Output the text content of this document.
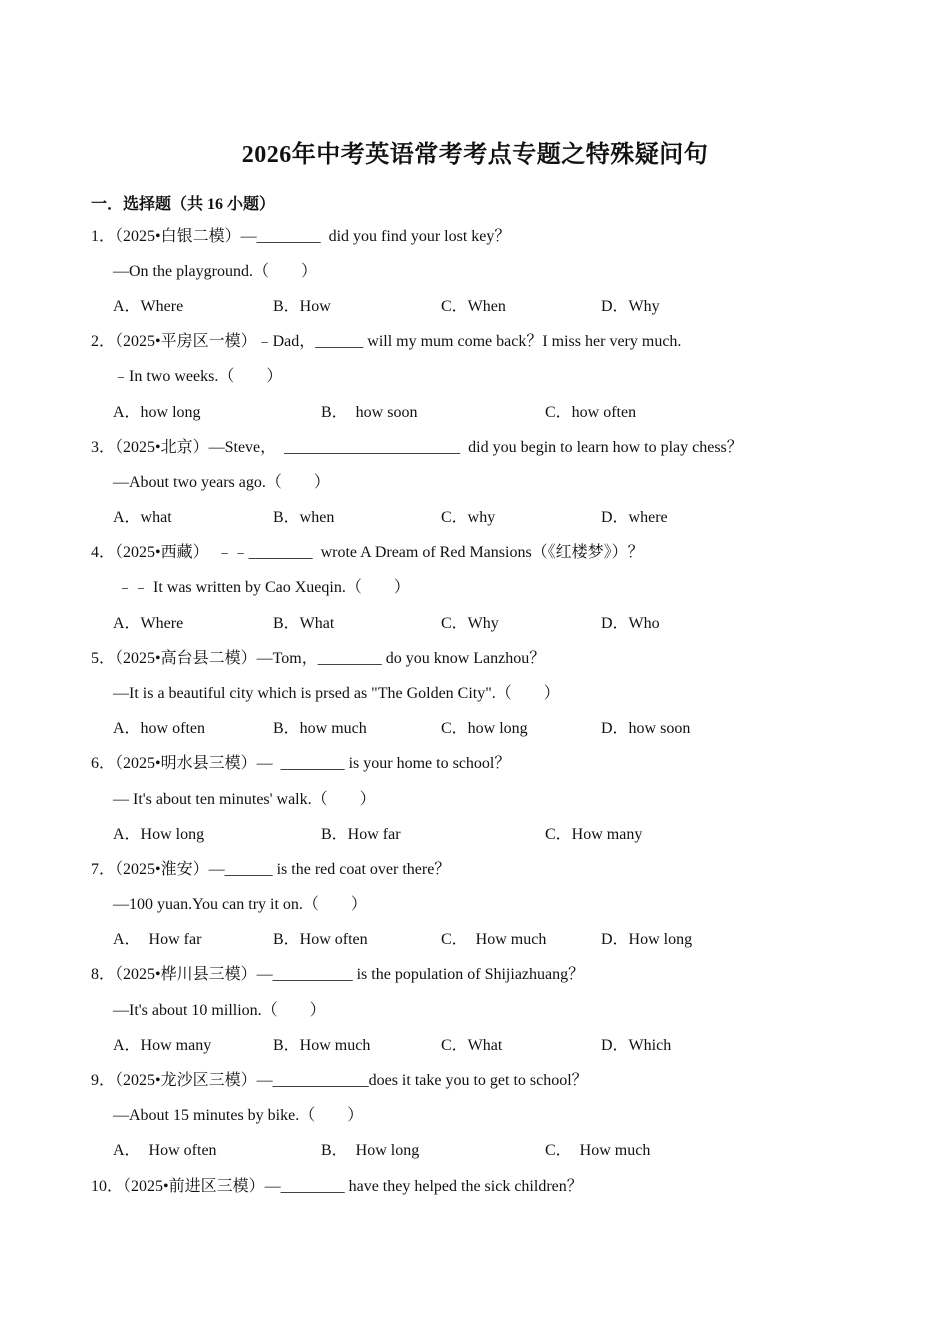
2026年中考英语常考考点专题之特殊疑问句
一．选择题（共 16 小题）
1．（2025•白银二模）—________  did you find your lost key？
—On the playground.（　　）
A．Where	B．How	C．When	D．Why
2．（2025•平房区一模）﹣Dad，______ will my mum come back？I miss her very much.
﹣In two weeks.（　　）
A．how long	B．  how soon	C．how often
3．（2025•北京）—Steve，  ______________________  did you begin to learn how to play chess？
—About two years ago.（　　）
A．what	B．when	C．why	D．where
4．（2025•西藏）  ﹣﹣________  wrote A Dream of Red Mansions（《红楼梦》）？
﹣﹣ It was written by Cao Xueqin.（　　）
A．Where	B．What	C．Why	D．Who
5．（2025•高台县二模）—Tom，________ do you know Lanzhou？
—It is a beautiful city which is prsed as "The Golden City".（　　）
A．how often	B．how much	C．how long	D．how soon
6．（2025•明水县三模）—  ________ is your home to school？
— It's about ten minutes' walk.（　　）
A．How long	B．How far	C．How many
7．（2025•淮安）—______ is the red coat over there？
—100 yuan.You can try it on.（　　）
A．  How far	B．How often	C．  How much	D．How long
8．（2025•桦川县三模）—__________ is the population of Shijiazhuang？
—It's about 10 million.（　　）
A．How many	B．How much	C．What	D．Which
9．（2025•龙沙区三模）—____________does it take you to get to school？
—About 15 minutes by bike.（　　）
A．  How often	B．  How long	C．  How much
10．（2025•前进区三模）—________ have they helped the sick children？
